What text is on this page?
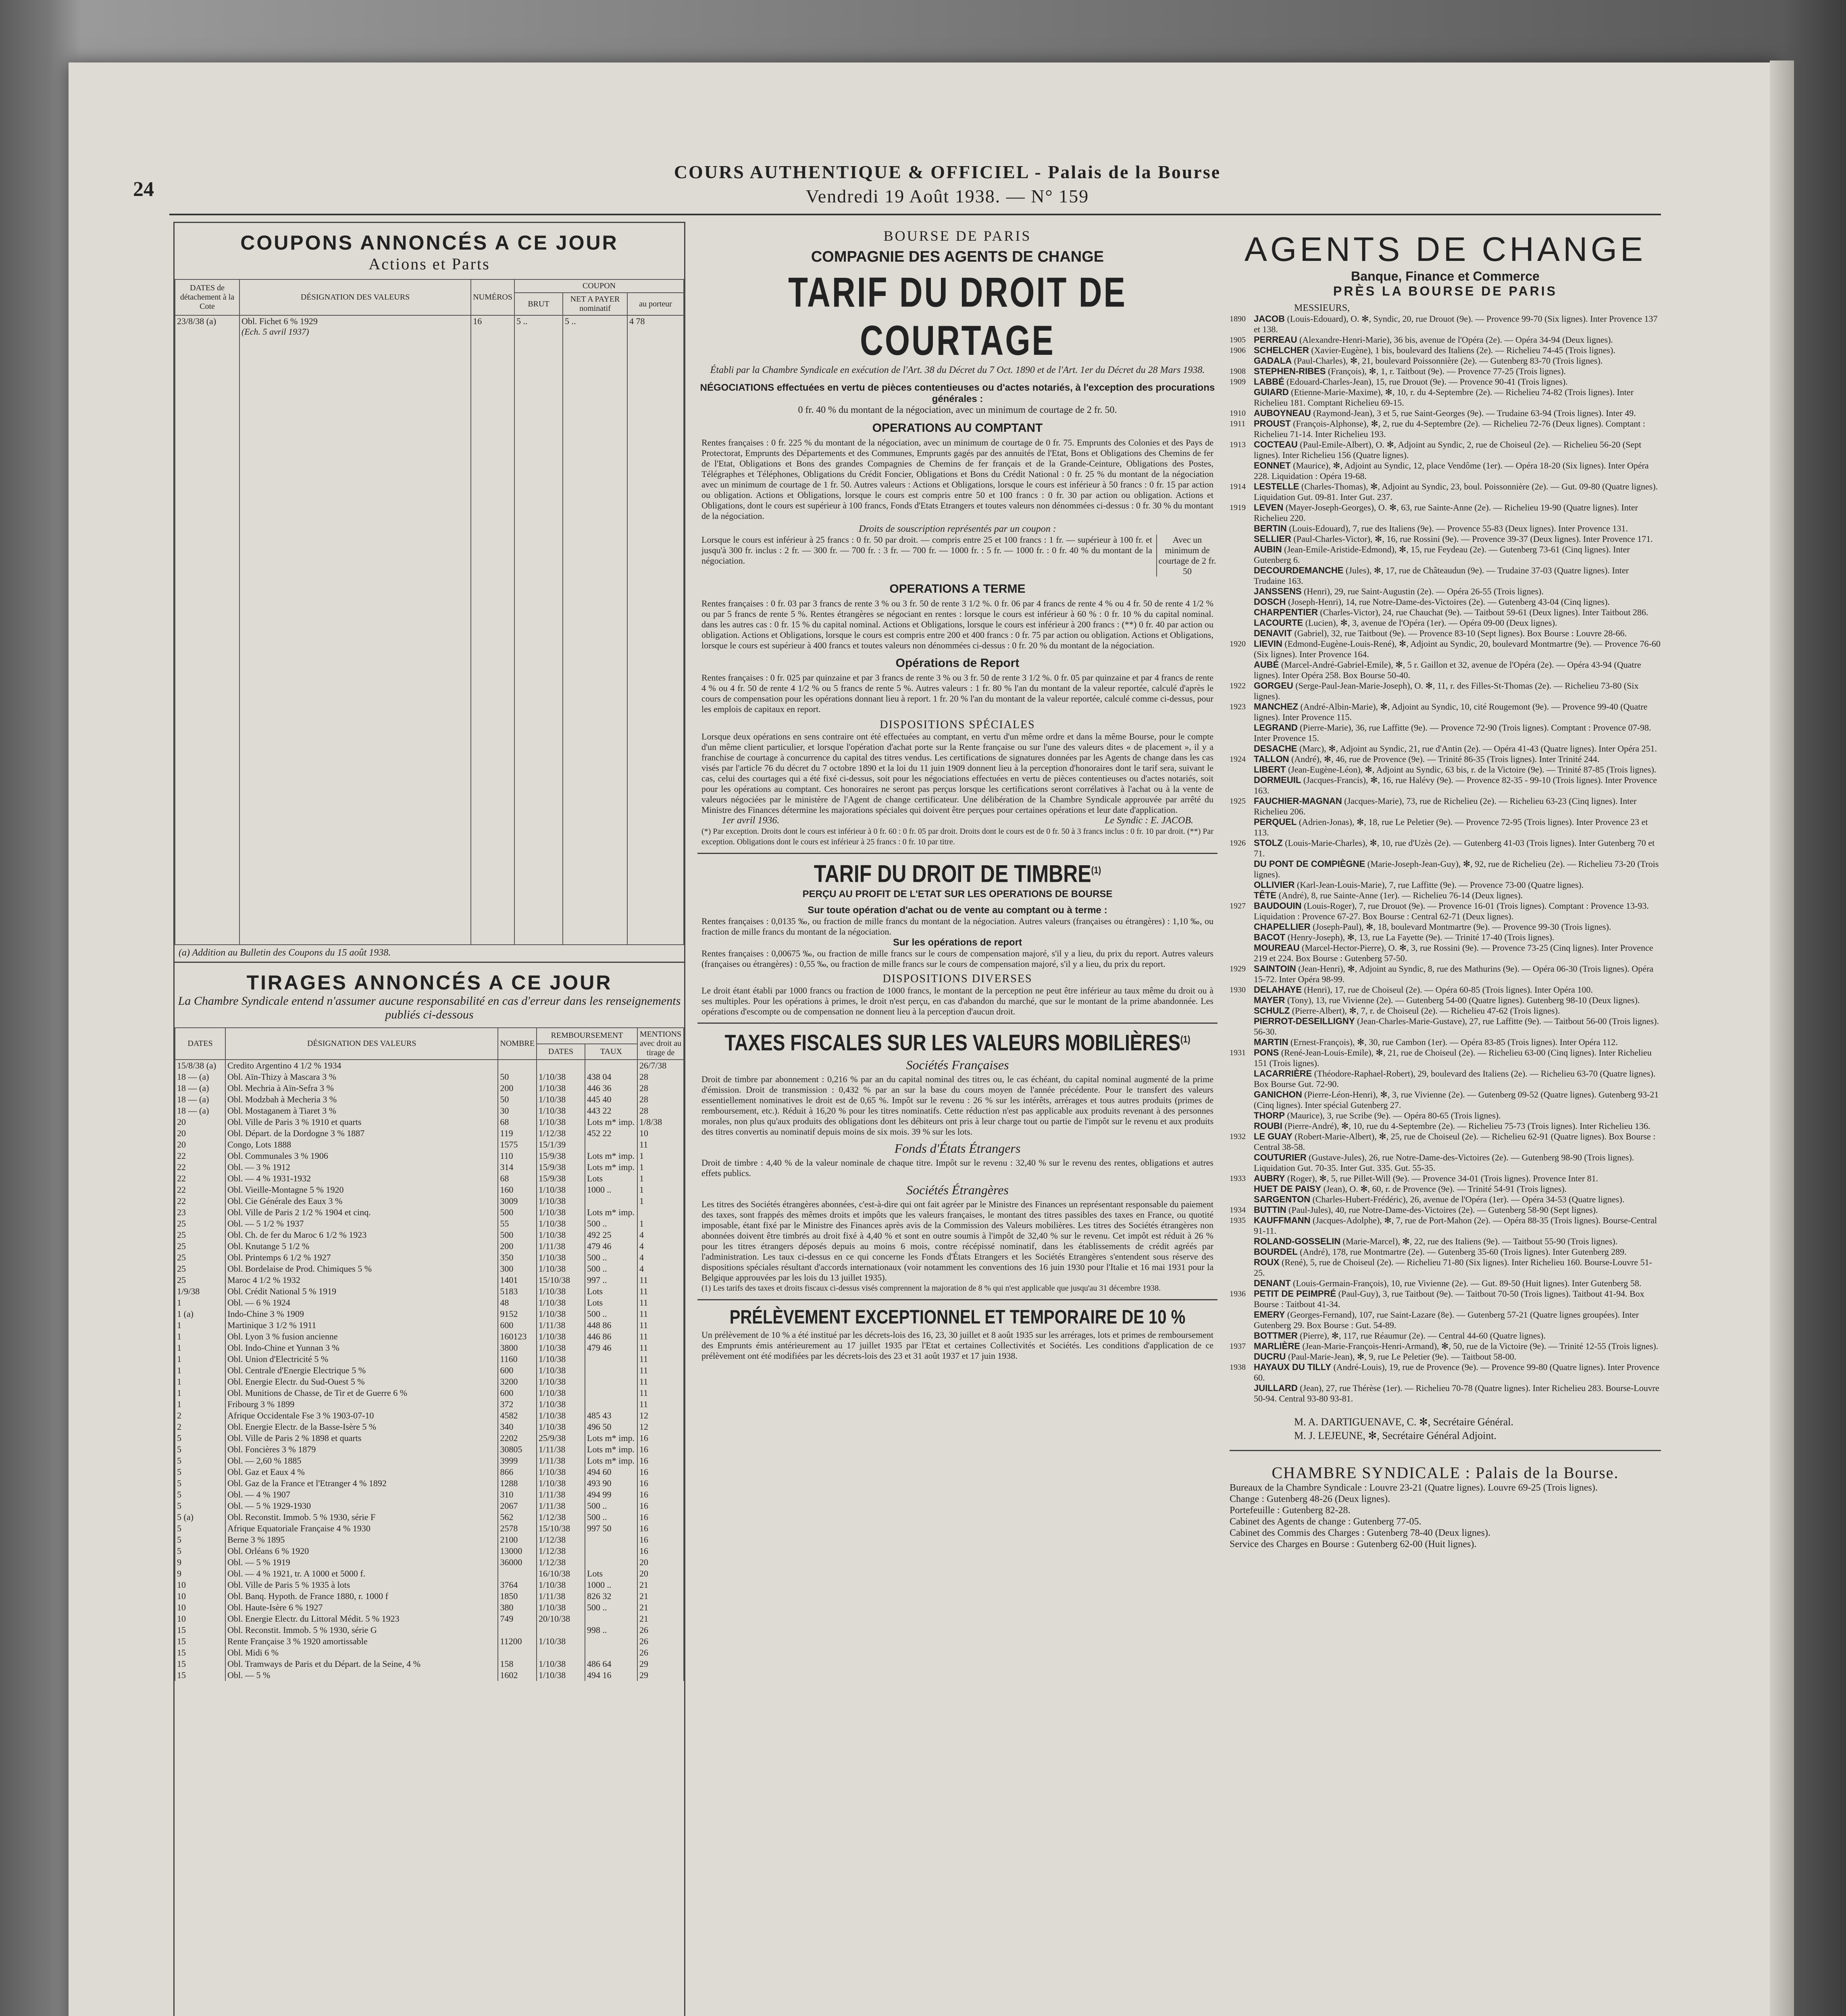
24
COURS AUTHENTIQUE & OFFICIEL - Palais de la Bourse
Vendredi 19 Août 1938. — N° 159
COUPONS ANNONCÉS A CE JOUR
Actions et Parts
DATES de détachement à la Cote	DÉSIGNATION DES VALEURS	NUMÉROS	COUPON		
			BRUT	NET A PAYER
nominatif	au porteur
23/8/38 (a)	Obl. Fichet 6 % 1929
(Ech. 5 avril 1937)	16	5 ..	5 ..	4 78
(a) Addition au Bulletin des Coupons du 15 août 1938.
TIRAGES ANNONCÉS A CE JOUR
La Chambre Syndicale entend n'assumer aucune responsabilité en cas d'erreur dans les renseignements publiés ci-dessous
DATES	DÉSIGNATION DES VALEURS	NOMBRE	REMBOURSEMENT		MENTIONS avec droit au tirage de
			DATES	TAUX	
15/8/38 (a)	Credito Argentino 4 1/2 % 1934				26/7/38
18 — (a)	Obl. Aïn-Thizy à Mascara 3 %	50	1/10/38	438 04	28
18 — (a)	Obl. Mechria à Aïn-Sefra 3 %	200	1/10/38	446 36	28
18 — (a)	Obl. Modzbah à Mecheria 3 %	50	1/10/38	445 40	28
18 — (a)	Obl. Mostaganem à Tiaret 3 %	30	1/10/38	443 22	28
20	Obl. Ville de Paris 3 % 1910 et quarts	68	1/10/38	Lots m* imp.	1/8/38
20	Obl. Départ. de la Dordogne 3 % 1887	119	1/12/38	452 22	10
20	Congo, Lots 1888	1575	15/1/39		11
22	Obl. Communales 3 % 1906	110	15/9/38	Lots m* imp.	1
22	Obl. — 3 % 1912	314	15/9/38	Lots m* imp.	1
22	Obl. — 4 % 1931-1932	68	15/9/38	Lots	1
22	Obl. Vieille-Montagne 5 % 1920	160	1/10/38	1000 ..	1
22	Obl. Cie Générale des Eaux 3 %	3009	1/10/38		1
23	Obl. Ville de Paris 2 1/2 % 1904 et cinq.	500	1/10/38	Lots m* imp.	
25	Obl. — 5 1/2 % 1937	55	1/10/38	500 ..	1
25	Obl. Ch. de fer du Maroc 6 1/2 % 1923	500	1/10/38	492 25	4
25	Obl. Knutange 5 1/2 %	200	1/11/38	479 46	4
25	Obl. Printemps 6 1/2 % 1927	350	1/10/38	500 ..	4
25	Obl. Bordelaise de Prod. Chimiques 5 %	300	1/10/38	500 ..	4
25	Maroc 4 1/2 % 1932	1401	15/10/38	997 ..	11
1/9/38	Obl. Crédit National 5 % 1919	5183	1/10/38	Lots	11
1	Obl. — 6 % 1924	48	1/10/38	Lots	11
1 (a)	Indo-Chine 3 % 1909	9152	1/10/38	500 ..	11
1	Martinique 3 1/2 % 1911	600	1/11/38	448 86	11
1	Obl. Lyon 3 % fusion ancienne	160123	1/10/38	446 86	11
1	Obl. Indo-Chine et Yunnan 3 %	3800	1/10/38	479 46	11
1	Obl. Union d'Electricité 5 %	1160	1/10/38		11
1	Obl. Centrale d'Energie Electrique 5 %	600	1/10/38		11
1	Obl. Energie Electr. du Sud-Ouest 5 %	3200	1/10/38		11
1	Obl. Munitions de Chasse, de Tir et de Guerre 6 %	600	1/10/38		11
1	Fribourg 3 % 1899	372	1/10/38		11
2	Afrique Occidentale Fse 3 % 1903-07-10	4582	1/10/38	485 43	12
2	Obl. Energie Electr. de la Basse-Isère 5 %	340	1/10/38	496 50	12
5	Obl. Ville de Paris 2 % 1898 et quarts	2202	25/9/38	Lots m* imp.	16
5	Obl. Foncières 3 % 1879	30805	1/11/38	Lots m* imp.	16
5	Obl. — 2,60 % 1885	3999	1/11/38	Lots m* imp.	16
5	Obl. Gaz et Eaux 4 %	866	1/10/38	494 60	16
5	Obl. Gaz de la France et l'Etranger 4 % 1892	1288	1/10/38	493 90	16
5	Obl. — 4 % 1907	310	1/11/38	494 99	16
5	Obl. — 5 % 1929-1930	2067	1/11/38	500 ..	16
5 (a)	Obl. Reconstit. Immob. 5 % 1930, série F	562	1/12/38	500 ..	16
5	Afrique Equatoriale Française 4 % 1930	2578	15/10/38	997 50	16
5	Berne 3 % 1895	2100	1/12/38		16
5	Obl. Orléans 6 % 1920	13000	1/12/38		16
9	Obl. — 5 % 1919	36000	1/12/38		20
9	Obl. — 4 % 1921, tr. A 1000 et 5000 f.		16/10/38	Lots	20
10	Obl. Ville de Paris 5 % 1935 à lots	3764	1/10/38	1000 ..	21
10	Obl. Banq. Hypoth. de France 1880, r. 1000 f	1850	1/11/38	826 32	21
10	Obl. Haute-Isère 6 % 1927	380	1/10/38	500 ..	21
10	Obl. Energie Electr. du Littoral Médit. 5 % 1923	749	20/10/38		21
15	Obl. Reconstit. Immob. 5 % 1930, série G			998 ..	26
15	Rente Française 3 % 1920 amortissable	11200	1/10/38		26
15	Obl. Midi 6 %				26
15	Obl. Tramways de Paris et du Départ. de la Seine, 4 %	158	1/10/38	486 64	29
15	Obl. — 5 %	1602	1/10/38	494 16	29
BOURSE DE PARIS
COMPAGNIE DES AGENTS DE CHANGE
TARIF DU DROIT DE COURTAGE
Établi par la Chambre Syndicale en exécution de l'Art. 38 du Décret du 7 Oct. 1890 et de l'Art. 1er du Décret du 28 Mars 1938.
NÉGOCIATIONS effectuées en vertu de pièces contentieuses ou d'actes notariés, à l'exception des procurations générales :
0 fr. 40 % du montant de la négociation, avec un minimum de courtage de 2 fr. 50.
OPERATIONS AU COMPTANT
Rentes françaises : 0 fr. 225 % du montant de la négociation, avec un minimum de courtage de 0 fr. 75. Emprunts des Colonies et des Pays de Protectorat, Emprunts des Départements et des Communes, Emprunts gagés par des annuités de l'Etat, Bons et Obligations des Chemins de fer de l'Etat, Obligations et Bons des grandes Compagnies de Chemins de fer français et de la Grande-Ceinture, Obligations des Postes, Télégraphes et Téléphones, Obligations du Crédit Foncier, Obligations et Bons du Crédit National : 0 fr. 25 % du montant de la négociation avec un minimum de courtage de 1 fr. 50. Autres valeurs : Actions et Obligations, lorsque le cours est inférieur à 50 francs : 0 fr. 15 par action ou obligation. Actions et Obligations, lorsque le cours est compris entre 50 et 100 francs : 0 fr. 30 par action ou obligation. Actions et Obligations, dont le cours est supérieur à 100 francs, Fonds d'Etats Etrangers et toutes valeurs non dénommées ci-dessus : 0 fr. 30 % du montant de la négociation.
Droits de souscription représentés par un coupon :
Lorsque le cours est inférieur à 25 francs : 0 fr. 50 par droit. — compris entre 25 et 100 francs : 1 fr. — supérieur à 100 fr. et jusqu'à 300 fr. inclus : 2 fr. — 300 fr. — 700 fr. : 3 fr. — 700 fr. — 1000 fr. : 5 fr. — 1000 fr. : 0 fr. 40 % du montant de la négociation.
Avec un minimum de courtage de 2 fr. 50
OPERATIONS A TERME
Rentes françaises : 0 fr. 03 par 3 francs de rente 3 % ou 3 fr. 50 de rente 3 1/2 %. 0 fr. 06 par 4 francs de rente 4 % ou 4 fr. 50 de rente 4 1/2 % ou par 5 francs de rente 5 %. Rentes étrangères se négociant en rentes : lorsque le cours est inférieur à 60 % : 0 fr. 10 % du capital nominal. dans les autres cas : 0 fr. 15 % du capital nominal. Actions et Obligations, lorsque le cours est inférieur à 200 francs : (**) 0 fr. 40 par action ou obligation. Actions et Obligations, lorsque le cours est compris entre 200 et 400 francs : 0 fr. 75 par action ou obligation. Actions et Obligations, lorsque le cours est supérieur à 400 francs et toutes valeurs non dénommées ci-dessus : 0 fr. 20 % du montant de la négociation.
Opérations de Report
Rentes françaises : 0 fr. 025 par quinzaine et par 3 francs de rente 3 % ou 3 fr. 50 de rente 3 1/2 %. 0 fr. 05 par quinzaine et par 4 francs de rente 4 % ou 4 fr. 50 de rente 4 1/2 % ou 5 francs de rente 5 %. Autres valeurs : 1 fr. 80 % l'an du montant de la valeur reportée, calculé d'après le cours de compensation pour les opérations donnant lieu à report. 1 fr. 20 % l'an du montant de la valeur reportée, calculé comme ci-dessus, pour les emplois de capitaux en report.
DISPOSITIONS SPÉCIALES
Lorsque deux opérations en sens contraire ont été effectuées au comptant, en vertu d'un même ordre et dans la même Bourse, pour le compte d'un même client particulier, et lorsque l'opération d'achat porte sur la Rente française ou sur l'une des valeurs dites « de placement », il y a franchise de courtage à concurrence du capital des titres vendus. Les certifications de signatures données par les Agents de change dans les cas visés par l'article 76 du décret du 7 octobre 1890 et la loi du 11 juin 1909 donnent lieu à la perception d'honoraires dont le tarif sera, suivant le cas, celui des courtages qui a été fixé ci-dessus, soit pour les négociations effectuées en vertu de pièces contentieuses ou d'actes notariés, soit pour les opérations au comptant. Ces honoraires ne seront pas perçus lorsque les certifications seront corrélatives à l'achat ou à la vente de valeurs négociées par le ministère de l'Agent de change certificateur. Une délibération de la Chambre Syndicale approuvée par arrêté du Ministre des Finances détermine les majorations spéciales qui doivent être perçues pour certaines opérations et leur date d'application.
1er avril 1936.	Le Syndic : E. JACOB.
(*) Par exception. Droits dont le cours est inférieur à 0 fr. 60 : 0 fr. 05 par droit. Droits dont le cours est de 0 fr. 50 à 3 francs inclus : 0 fr. 10 par droit. (**) Par exception. Obligations dont le cours est inférieur à 25 francs : 0 fr. 10 par titre.
TARIF DU DROIT DE TIMBRE$^{(1)}$
PERÇU AU PROFIT DE L'ETAT SUR LES OPERATIONS DE BOURSE
Sur toute opération d'achat ou de vente au comptant ou à terme :
Rentes françaises : 0,0135 ‰, ou fraction de mille francs du montant de la négociation. Autres valeurs (françaises ou étrangères) : 1,10 ‰, ou fraction de mille francs du montant de la négociation.
Sur les opérations de report
Rentes françaises : 0,00675 ‰, ou fraction de mille francs sur le cours de compensation majoré, s'il y a lieu, du prix du report. Autres valeurs (françaises ou étrangères) : 0,55 ‰, ou fraction de mille francs sur le cours de compensation majoré, s'il y a lieu, du prix du report.
DISPOSITIONS DIVERSES
Le droit étant établi par 1000 francs ou fraction de 1000 francs, le montant de la perception ne peut être inférieur au taux même du droit ou à ses multiples. Pour les opérations à primes, le droit n'est perçu, en cas d'abandon du marché, que sur le montant de la prime abandonnée. Les opérations d'escompte ou de compensation ne donnent lieu à la perception d'aucun droit.
TAXES FISCALES SUR LES VALEURS MOBILIÈRES$^{(1)}$
Sociétés Françaises
Droit de timbre par abonnement : 0,216 % par an du capital nominal des titres ou, le cas échéant, du capital nominal augmenté de la prime d'émission. Droit de transmission : 0,432 % par an sur la base du cours moyen de l'année précédente. Pour le transfert des valeurs essentiellement nominatives le droit est de 0,65 %. Impôt sur le revenu : 26 % sur les intérêts, arrérages et tous autres produits (primes de remboursement, etc.). Réduit à 16,20 % pour les titres nominatifs. Cette réduction n'est pas applicable aux produits revenant à des personnes morales, non plus qu'aux produits des obligations dont les débiteurs ont pris à leur charge tout ou partie de l'impôt sur le revenu et aux produits des titres convertis au nominatif depuis moins de six mois. 39 % sur les lots.
Fonds d'États Étrangers
Droit de timbre : 4,40 % de la valeur nominale de chaque titre. Impôt sur le revenu : 32,40 % sur le revenu des rentes, obligations et autres effets publics.
Sociétés Étrangères
Les titres des Sociétés étrangères abonnées, c'est-à-dire qui ont fait agréer par le Ministre des Finances un représentant responsable du paiement des taxes, sont frappés des mêmes droits et impôts que les valeurs françaises, le montant des titres passibles des taxes en France, ou quotité imposable, étant fixé par le Ministre des Finances après avis de la Commission des Valeurs mobilières. Les titres des Sociétés étrangères non abonnées doivent être timbrés au droit fixé à 4,40 % et sont en outre soumis à l'impôt de 32,40 % sur le revenu. Cet impôt est réduit à 26 % pour les titres étrangers déposés depuis au moins 6 mois, contre récépissé nominatif, dans les établissements de crédit agréés par l'administration. Les taux ci-dessus en ce qui concerne les Fonds d'États Etrangers et les Sociétés Etrangères s'entendent sous réserve des dispositions spéciales résultant d'accords internationaux (voir notamment les conventions des 16 juin 1930 pour l'Italie et 16 mai 1931 pour la Belgique approuvées par les lois du 13 juillet 1935).
(1) Les tarifs des taxes et droits fiscaux ci-dessus visés comprennent la majoration de 8 % qui n'est applicable que jusqu'au 31 décembre 1938.
PRÉLÈVEMENT EXCEPTIONNEL ET TEMPORAIRE DE 10 %
Un prélèvement de 10 % a été institué par les décrets-lois des 16, 23, 30 juillet et 8 août 1935 sur les arrérages, lots et primes de remboursement des Emprunts émis antérieurement au 17 juillet 1935 par l'Etat et certaines Collectivités et Sociétés. Les conditions d'application de ce prélèvement ont été modifiées par les décrets-lois des 23 et 31 août 1937 et 17 juin 1938.
AGENTS DE CHANGE
Banque, Finance et Commerce
PRÈS LA BOURSE DE PARIS
MESSIEURS,
1890 JACOB (Louis-Edouard), O. ✻, Syndic, 20, rue Drouot (9e). — Provence 99-70 (Six lignes). Inter Provence 137 et 138.
1905 PERREAU (Alexandre-Henri-Marie), 36 bis, avenue de l'Opéra (2e). — Opéra 34-94 (Deux lignes).
1906 SCHELCHER (Xavier-Eugène), 1 bis, boulevard des Italiens (2e). — Richelieu 74-45 (Trois lignes).
GADALA (Paul-Charles), ✻, 21, boulevard Poissonnière (2e). — Gutenberg 83-70 (Trois lignes).
1908 STEPHEN-RIBES (François), ✻, 1, r. Taitbout (9e). — Provence 77-25 (Trois lignes).
1909 LABBÉ (Edouard-Charles-Jean), 15, rue Drouot (9e). — Provence 90-41 (Trois lignes).
GUIARD (Etienne-Marie-Maxime), ✻, 10, r. du 4-Septembre (2e). — Richelieu 74-82 (Trois lignes). Inter Richelieu 181. Comptant Richelieu 69-15.
1910 AUBOYNEAU (Raymond-Jean), 3 et 5, rue Saint-Georges (9e). — Trudaine 63-94 (Trois lignes). Inter 49.
1911 PROUST (François-Alphonse), ✻, 2, rue du 4-Septembre (2e). — Richelieu 72-76 (Deux lignes). Comptant : Richelieu 71-14. Inter Richelieu 193.
1913 COCTEAU (Paul-Emile-Albert), O. ✻, Adjoint au Syndic, 2, rue de Choiseul (2e). — Richelieu 56-20 (Sept lignes). Inter Richelieu 156 (Quatre lignes).
EONNET (Maurice), ✻, Adjoint au Syndic, 12, place Vendôme (1er). — Opéra 18-20 (Six lignes). Inter Opéra 228. Liquidation : Opéra 19-68.
1914 LESTELLE (Charles-Thomas), ✻, Adjoint au Syndic, 23, boul. Poissonnière (2e). — Gut. 09-80 (Quatre lignes). Liquidation Gut. 09-81. Inter Gut. 237.
1919 LEVEN (Mayer-Joseph-Georges), O. ✻, 63, rue Sainte-Anne (2e). — Richelieu 19-90 (Quatre lignes). Inter Richelieu 220.
BERTIN (Louis-Edouard), 7, rue des Italiens (9e). — Provence 55-83 (Deux lignes). Inter Provence 131.
SELLIER (Paul-Charles-Victor), ✻, 16, rue Rossini (9e). — Provence 39-37 (Deux lignes). Inter Provence 171.
AUBIN (Jean-Emile-Aristide-Edmond), ✻, 15, rue Feydeau (2e). — Gutenberg 73-61 (Cinq lignes). Inter Gutenberg 6.
DECOURDEMANCHE (Jules), ✻, 17, rue de Châteaudun (9e). — Trudaine 37-03 (Quatre lignes). Inter Trudaine 163.
JANSSENS (Henri), 29, rue Saint-Augustin (2e). — Opéra 26-55 (Trois lignes).
DOSCH (Joseph-Henri), 14, rue Notre-Dame-des-Victoires (2e). — Gutenberg 43-04 (Cinq lignes).
CHARPENTIER (Charles-Victor), 24, rue Chauchat (9e). — Taitbout 59-61 (Deux lignes). Inter Taitbout 286.
LACOURTE (Lucien), ✻, 3, avenue de l'Opéra (1er). — Opéra 09-00 (Deux lignes).
DENAVIT (Gabriel), 32, rue Taitbout (9e). — Provence 83-10 (Sept lignes). Box Bourse : Louvre 28-66.
1920 LIEVIN (Edmond-Eugène-Louis-René), ✻, Adjoint au Syndic, 20, boulevard Montmartre (9e). — Provence 76-60 (Six lignes). Inter Provence 164.
AUBÉ (Marcel-André-Gabriel-Emile), ✻, 5 r. Gaillon et 32, avenue de l'Opéra (2e). — Opéra 43-94 (Quatre lignes). Inter Opéra 258. Box Bourse 50-40.
1922 GORGEU (Serge-Paul-Jean-Marie-Joseph), O. ✻, 11, r. des Filles-St-Thomas (2e). — Richelieu 73-80 (Six lignes).
1923 MANCHEZ (André-Albin-Marie), ✻, Adjoint au Syndic, 10, cité Rougemont (9e). — Provence 99-40 (Quatre lignes). Inter Provence 115.
LEGRAND (Pierre-Marie), 36, rue Laffitte (9e). — Provence 72-90 (Trois lignes). Comptant : Provence 07-98. Inter Provence 15.
DESACHE (Marc), ✻, Adjoint au Syndic, 21, rue d'Antin (2e). — Opéra 41-43 (Quatre lignes). Inter Opéra 251.
1924 TALLON (André), ✻, 46, rue de Provence (9e). — Trinité 86-35 (Trois lignes). Inter Trinité 244.
LIBERT (Jean-Eugène-Léon), ✻, Adjoint au Syndic, 63 bis, r. de la Victoire (9e). — Trinité 87-85 (Trois lignes).
DORMEUIL (Jacques-Francis), ✻, 16, rue Halévy (9e). — Provence 82-35 - 99-10 (Trois lignes). Inter Provence 163.
1925 FAUCHIER-MAGNAN (Jacques-Marie), 73, rue de Richelieu (2e). — Richelieu 63-23 (Cinq lignes). Inter Richelieu 206.
PERQUEL (Adrien-Jonas), ✻, 18, rue Le Peletier (9e). — Provence 72-95 (Trois lignes). Inter Provence 23 et 113.
1926 STOLZ (Louis-Marie-Charles), ✻, 10, rue d'Uzès (2e). — Gutenberg 41-03 (Trois lignes). Inter Gutenberg 70 et 71.
DU PONT DE COMPIÈGNE (Marie-Joseph-Jean-Guy), ✻, 92, rue de Richelieu (2e). — Richelieu 73-20 (Trois lignes).
OLLIVIER (Karl-Jean-Louis-Marie), 7, rue Laffitte (9e). — Provence 73-00 (Quatre lignes).
TÊTE (André), 8, rue Sainte-Anne (1er). — Richelieu 76-14 (Deux lignes).
1927 BAUDOUIN (Louis-Roger), 7, rue Drouot (9e). — Provence 16-01 (Trois lignes). Comptant : Provence 13-93. Liquidation : Provence 67-27. Box Bourse : Central 62-71 (Deux lignes).
CHAPELLIER (Joseph-Paul), ✻, 18, boulevard Montmartre (9e). — Provence 99-30 (Trois lignes).
BACOT (Henry-Joseph), ✻, 13, rue La Fayette (9e). — Trinité 17-40 (Trois lignes).
MOUREAU (Marcel-Hector-Pierre), O. ✻, 3, rue Rossini (9e). — Provence 73-25 (Cinq lignes). Inter Provence 219 et 224. Box Bourse : Gutenberg 57-50.
1929 SAINTOIN (Jean-Henri), ✻, Adjoint au Syndic, 8, rue des Mathurins (9e). — Opéra 06-30 (Trois lignes). Opéra 15-72. Inter Opéra 98-99.
1930 DELAHAYE (Henri), 17, rue de Choiseul (2e). — Opéra 60-85 (Trois lignes). Inter Opéra 100.
MAYER (Tony), 13, rue Vivienne (2e). — Gutenberg 54-00 (Quatre lignes). Gutenberg 98-10 (Deux lignes).
SCHULZ (Pierre-Albert), ✻, 7, r. de Choiseul (2e). — Richelieu 47-62 (Trois lignes).
PIERROT-DESEILLIGNY (Jean-Charles-Marie-Gustave), 27, rue Laffitte (9e). — Taitbout 56-00 (Trois lignes). 56-30.
MARTIN (Ernest-François), ✻, 30, rue Cambon (1er). — Opéra 83-85 (Trois lignes). Inter Opéra 112.
1931 PONS (René-Jean-Louis-Emile), ✻, 21, rue de Choiseul (2e). — Richelieu 63-00 (Cinq lignes). Inter Richelieu 151 (Trois lignes).
LACARRIÈRE (Théodore-Raphael-Robert), 29, boulevard des Italiens (2e). — Richelieu 63-70 (Quatre lignes). Box Bourse Gut. 72-90.
GANICHON (Pierre-Léon-Henri), ✻, 3, rue Vivienne (2e). — Gutenberg 09-52 (Quatre lignes). Gutenberg 93-21 (Cinq lignes). Inter spécial Gutenberg 27.
THORP (Maurice), 3, rue Scribe (9e). — Opéra 80-65 (Trois lignes).
ROUBI (Pierre-André), ✻, 10, rue du 4-Septembre (2e). — Richelieu 75-73 (Trois lignes). Inter Richelieu 136.
1932 LE GUAY (Robert-Marie-Albert), ✻, 25, rue de Choiseul (2e). — Richelieu 62-91 (Quatre lignes). Box Bourse : Central 38-58.
COUTURIER (Gustave-Jules), 26, rue Notre-Dame-des-Victoires (2e). — Gutenberg 98-90 (Trois lignes). Liquidation Gut. 70-35. Inter Gut. 335. Gut. 55-35.
1933 AUBRY (Roger), ✻, 5, rue Pillet-Will (9e). — Provence 34-01 (Trois lignes). Provence Inter 81.
HUET DE PAISY (Jean), O. ✻, 60, r. de Provence (9e). — Trinité 54-91 (Trois lignes).
SARGENTON (Charles-Hubert-Frédéric), 26, avenue de l'Opéra (1er). — Opéra 34-53 (Quatre lignes).
1934 BUTTIN (Paul-Jules), 40, rue Notre-Dame-des-Victoires (2e). — Gutenberg 58-90 (Sept lignes).
1935 KAUFFMANN (Jacques-Adolphe), ✻, 7, rue de Port-Mahon (2e). — Opéra 88-35 (Trois lignes). Bourse-Central 91-11.
ROLAND-GOSSELIN (Marie-Marcel), ✻, 22, rue des Italiens (9e). — Taitbout 55-90 (Trois lignes).
BOURDEL (André), 178, rue Montmartre (2e). — Gutenberg 35-60 (Trois lignes). Inter Gutenberg 289.
ROUX (René), 5, rue de Choiseul (2e). — Richelieu 71-80 (Six lignes). Inter Richelieu 160. Bourse-Louvre 51-25.
DENANT (Louis-Germain-François), 10, rue Vivienne (2e). — Gut. 89-50 (Huit lignes). Inter Gutenberg 58.
1936 PETIT DE PEIMPRÉ (Paul-Guy), 3, rue Taitbout (9e). — Taitbout 70-50 (Trois lignes). Taitbout 41-94. Box Bourse : Taitbout 41-34.
EMERY (Georges-Fernand), 107, rue Saint-Lazare (8e). — Gutenberg 57-21 (Quatre lignes groupées). Inter Gutenberg 29. Box Bourse : Gut. 54-89.
BOTTMER (Pierre), ✻, 117, rue Réaumur (2e). — Central 44-60 (Quatre lignes).
1937 MARLIÈRE (Jean-Marie-François-Henri-Armand), ✻, 50, rue de la Victoire (9e). — Trinité 12-55 (Trois lignes).
DUCRU (Paul-Marie-Jean), ✻, 9, rue Le Peletier (9e). — Taitbout 58-00.
1938 HAYAUX DU TILLY (André-Louis), 19, rue de Provence (9e). — Provence 99-80 (Quatre lignes). Inter Provence 60.
JUILLARD (Jean), 27, rue Thérèse (1er). — Richelieu 70-78 (Quatre lignes). Inter Richelieu 283. Bourse-Louvre 50-94. Central 93-80 93-81.
M. A. DARTIGUENAVE, C. ✻, Secrétaire Général.
M. J. LEJEUNE, ✻, Secrétaire Général Adjoint.
CHAMBRE SYNDICALE : Palais de la Bourse.
Bureaux de la Chambre Syndicale : Louvre 23-21 (Quatre lignes). Louvre 69-25 (Trois lignes).
Change : Gutenberg 48-26 (Deux lignes).
Portefeuille : Gutenberg 82-28.
Cabinet des Agents de change : Gutenberg 77-05.
Cabinet des Commis des Charges : Gutenberg 78-40 (Deux lignes).
Service des Charges en Bourse : Gutenberg 62-00 (Huit lignes).
